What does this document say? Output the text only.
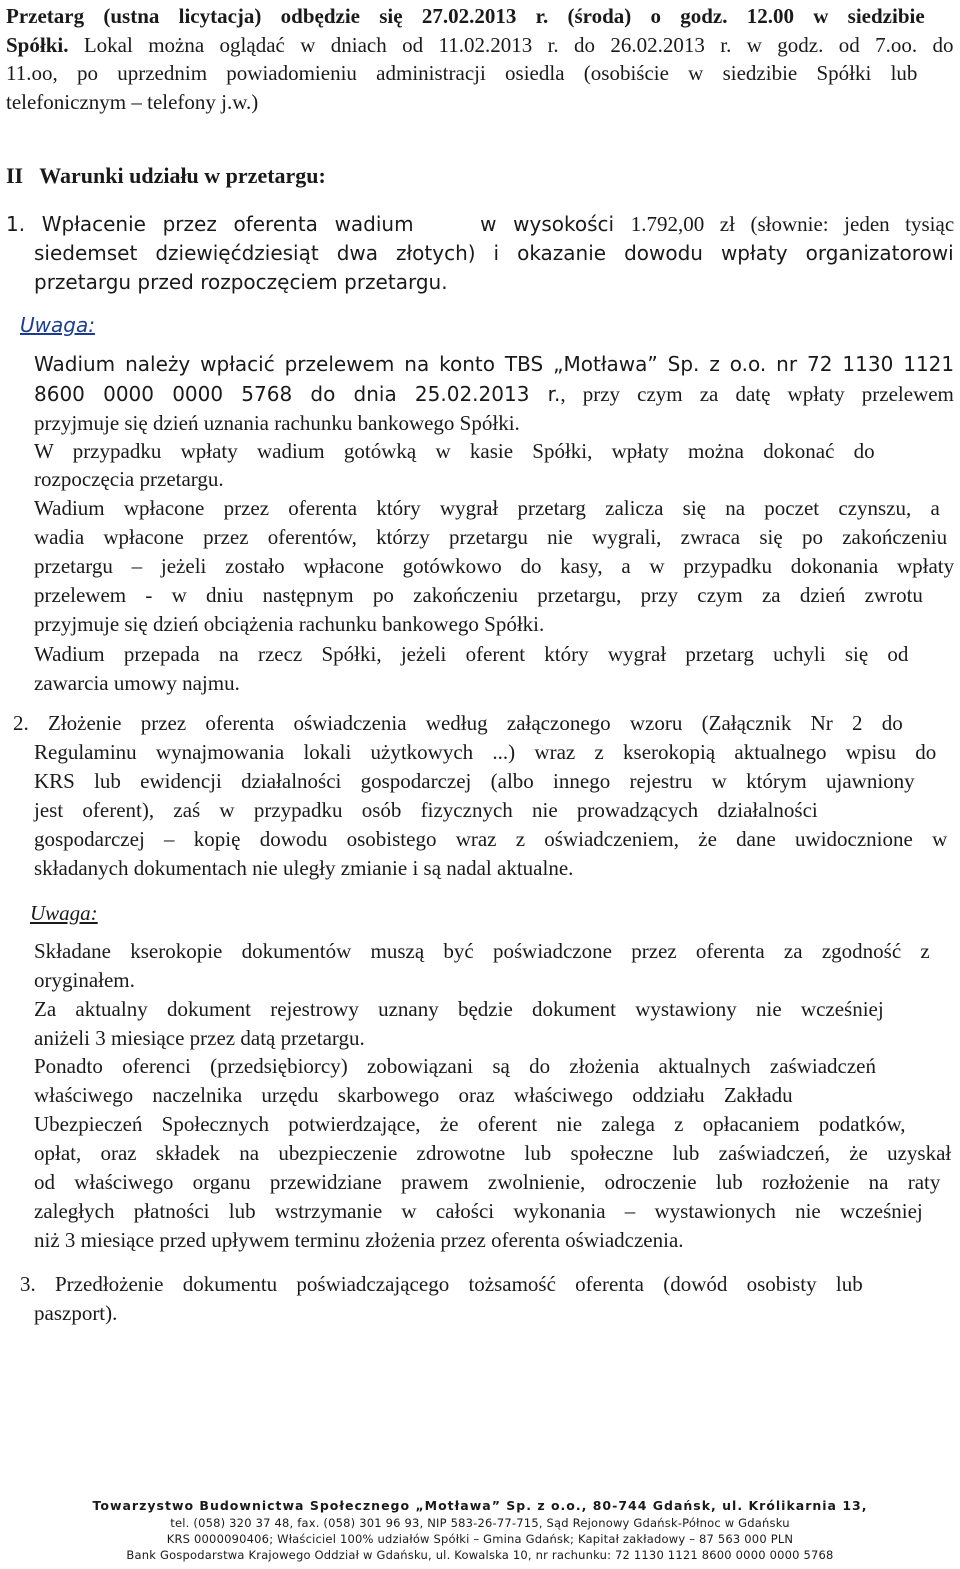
Przetarg (ustna licytacja) odbędzie się 27.02.2013 r. (środa) o godz. 12.00 w siedzibie
Spółki. Lokal można oglądać w dniach od 11.02.2013 r. do 26.02.2013 r. w godz. od 7.oo. do
11.oo, po uprzednim powiadomieniu administracji osiedla (osobiście w siedzibie Spółki lub
telefonicznym – telefony j.w.)
II   Warunki udziału w przetargu:
1. Wpłacenie przez oferenta wadium    w wysokości 1.792,00 zł (słownie: jeden tysiąc
siedemset dziewięćdziesiąt dwa złotych) i okazanie dowodu wpłaty organizatorowi
przetargu przed rozpoczęciem przetargu.
Uwaga:
Wadium należy wpłacić przelewem na konto TBS „Motława” Sp. z o.o. nr 72 1130 1121
8600 0000 0000 5768 do dnia 25.02.2013 r., przy czym za datę wpłaty przelewem
przyjmuje się dzień uznania rachunku bankowego Spółki.
W przypadku wpłaty wadium gotówką w kasie Spółki, wpłaty można dokonać do
rozpoczęcia przetargu.
Wadium wpłacone przez oferenta który wygrał przetarg zalicza się na poczet czynszu, a
wadia wpłacone przez oferentów, którzy przetargu nie wygrali, zwraca się po zakończeniu
przetargu – jeżeli zostało wpłacone gotówkowo do kasy, a w przypadku dokonania wpłaty
przelewem - w dniu następnym po zakończeniu przetargu, przy czym za dzień zwrotu
przyjmuje się dzień obciążenia rachunku bankowego Spółki.
Wadium przepada na rzecz Spółki, jeżeli oferent który wygrał przetarg uchyli się od
zawarcia umowy najmu.
2. Złożenie przez oferenta oświadczenia według załączonego wzoru (Załącznik Nr 2 do
Regulaminu wynajmowania lokali użytkowych ...) wraz z kserokopią aktualnego wpisu do
KRS lub ewidencji działalności gospodarczej (albo innego rejestru w którym ujawniony
jest oferent), zaś w przypadku osób fizycznych nie prowadzących działalności
gospodarczej – kopię dowodu osobistego wraz z oświadczeniem, że dane uwidocznione w
składanych dokumentach nie uległy zmianie i są nadal aktualne.
Uwaga:
Składane kserokopie dokumentów muszą być poświadczone przez oferenta za zgodność z
oryginałem.
Za aktualny dokument rejestrowy uznany będzie dokument wystawiony nie wcześniej
aniżeli 3 miesiące przez datą przetargu.
Ponadto oferenci (przedsiębiorcy) zobowiązani są do złożenia aktualnych zaświadczeń
właściwego naczelnika urzędu skarbowego oraz właściwego oddziału Zakładu
Ubezpieczeń Społecznych potwierdzające, że oferent nie zalega z opłacaniem podatków,
opłat, oraz składek na ubezpieczenie zdrowotne lub społeczne lub zaświadczeń, że uzyskał
od właściwego organu przewidziane prawem zwolnienie, odroczenie lub rozłożenie na raty
zaległych płatności lub wstrzymanie w całości wykonania – wystawionych nie wcześniej
niż 3 miesiące przed upływem terminu złożenia przez oferenta oświadczenia.
3. Przedłożenie dokumentu poświadczającego tożsamość oferenta (dowód osobisty lub
paszport).
Towarzystwo Budownictwa Społecznego „Motława” Sp. z o.o., 80-744 Gdańsk, ul. Królikarnia 13,
tel. (058) 320 37 48, fax. (058) 301 96 93, NIP 583-26-77-715, Sąd Rejonowy Gdańsk-Północ w Gdańsku
KRS 0000090406; Właściciel 100% udziałów Spółki – Gmina Gdańsk; Kapitał zakładowy – 87 563 000 PLN
Bank Gospodarstwa Krajowego Oddział w Gdańsku, ul. Kowalska 10, nr rachunku: 72 1130 1121 8600 0000 0000 5768
